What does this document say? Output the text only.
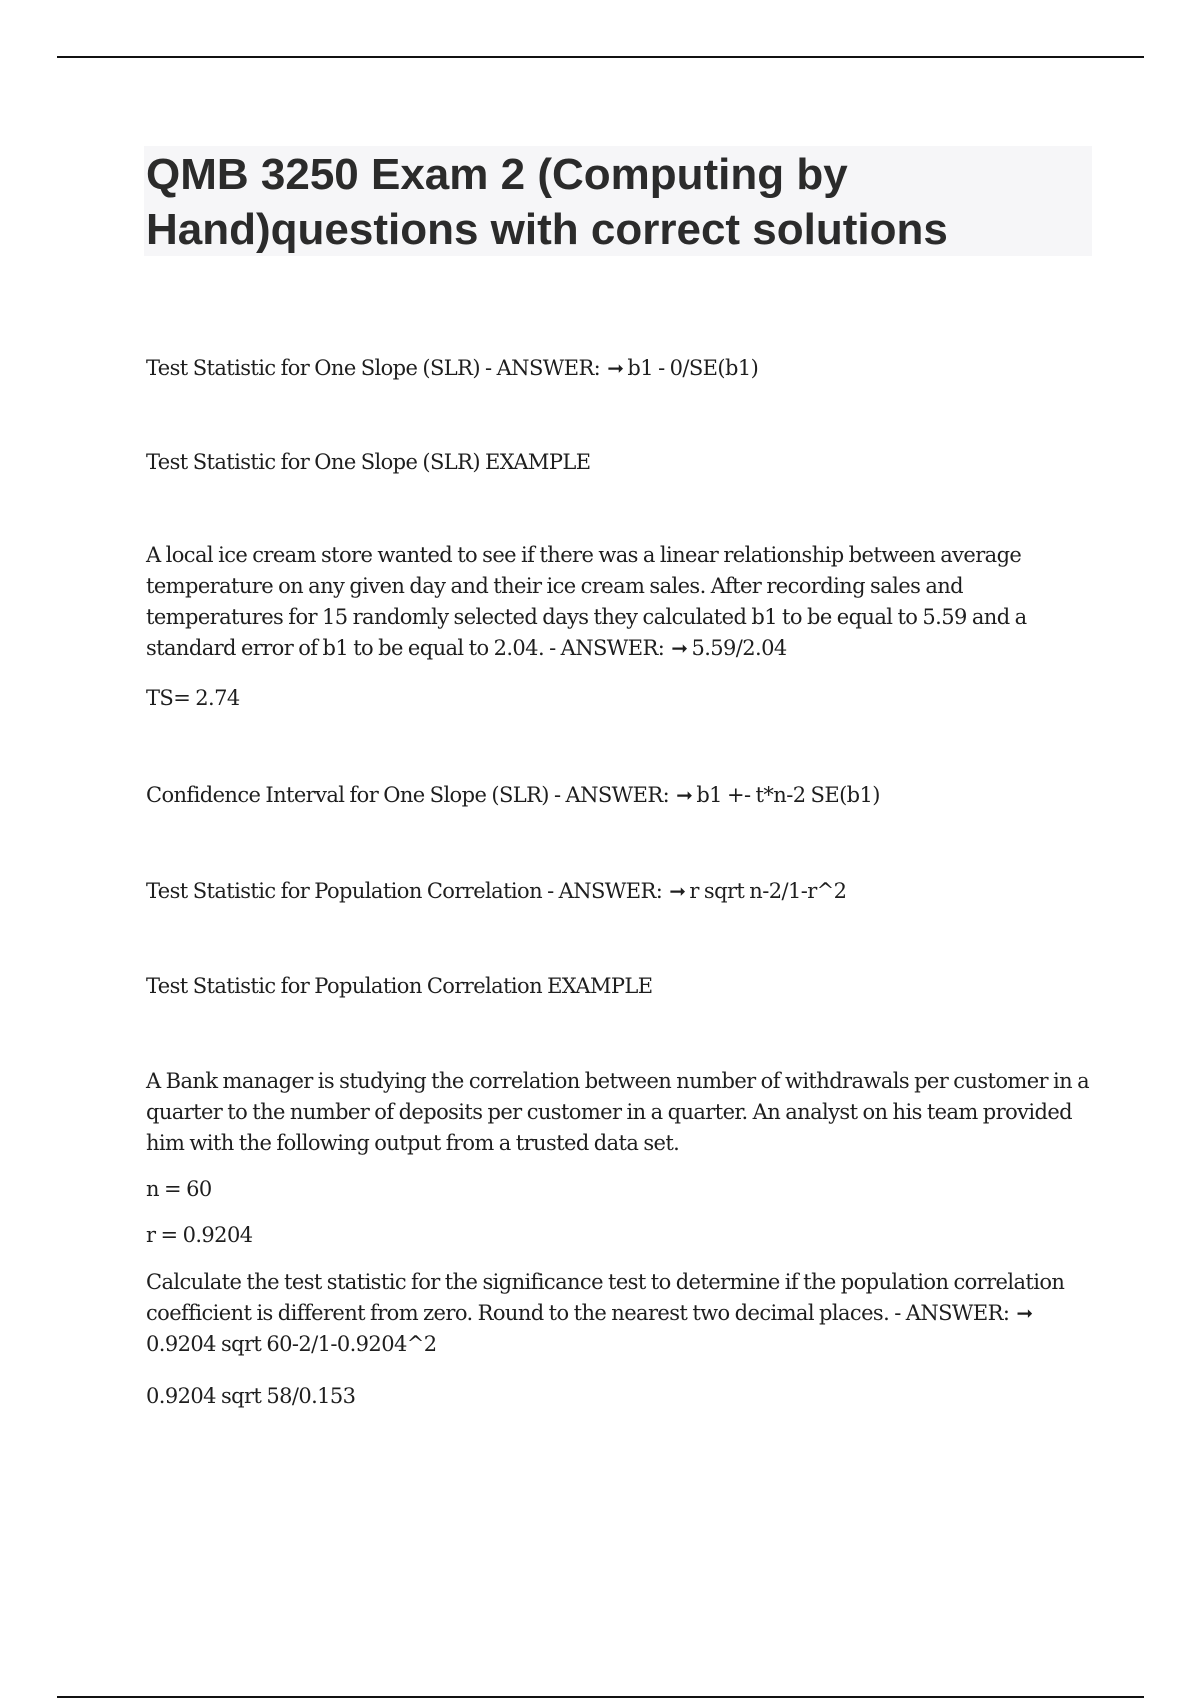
QMB 3250 Exam 2 (Computing by Hand)questions with correct solutions

Test Statistic for One Slope (SLR) - ANSWER: ➞ b1 - 0/SE(b1)

Test Statistic for One Slope (SLR) EXAMPLE

A local ice cream store wanted to see if there was a linear relationship between average temperature on any given day and their ice cream sales. After recording sales and temperatures for 15 randomly selected days they calculated b1 to be equal to 5.59 and a standard error of b1 to be equal to 2.04. - ANSWER: ➞ 5.59/2.04

TS= 2.74

Confidence Interval for One Slope (SLR) - ANSWER: ➞ b1 +- t*n-2 SE(b1)

Test Statistic for Population Correlation - ANSWER: ➞ r sqrt n-2/1-r^2

Test Statistic for Population Correlation EXAMPLE

A Bank manager is studying the correlation between number of withdrawals per customer in a quarter to the number of deposits per customer in a quarter. An analyst on his team provided him with the following output from a trusted data set.

n = 60

r = 0.9204

Calculate the test statistic for the significance test to determine if the population correlation coefficient is different from zero. Round to the nearest two decimal places. - ANSWER: ➞0.9204 sqrt 60-2/1-0.9204^2

0.9204 sqrt 58/0.153
